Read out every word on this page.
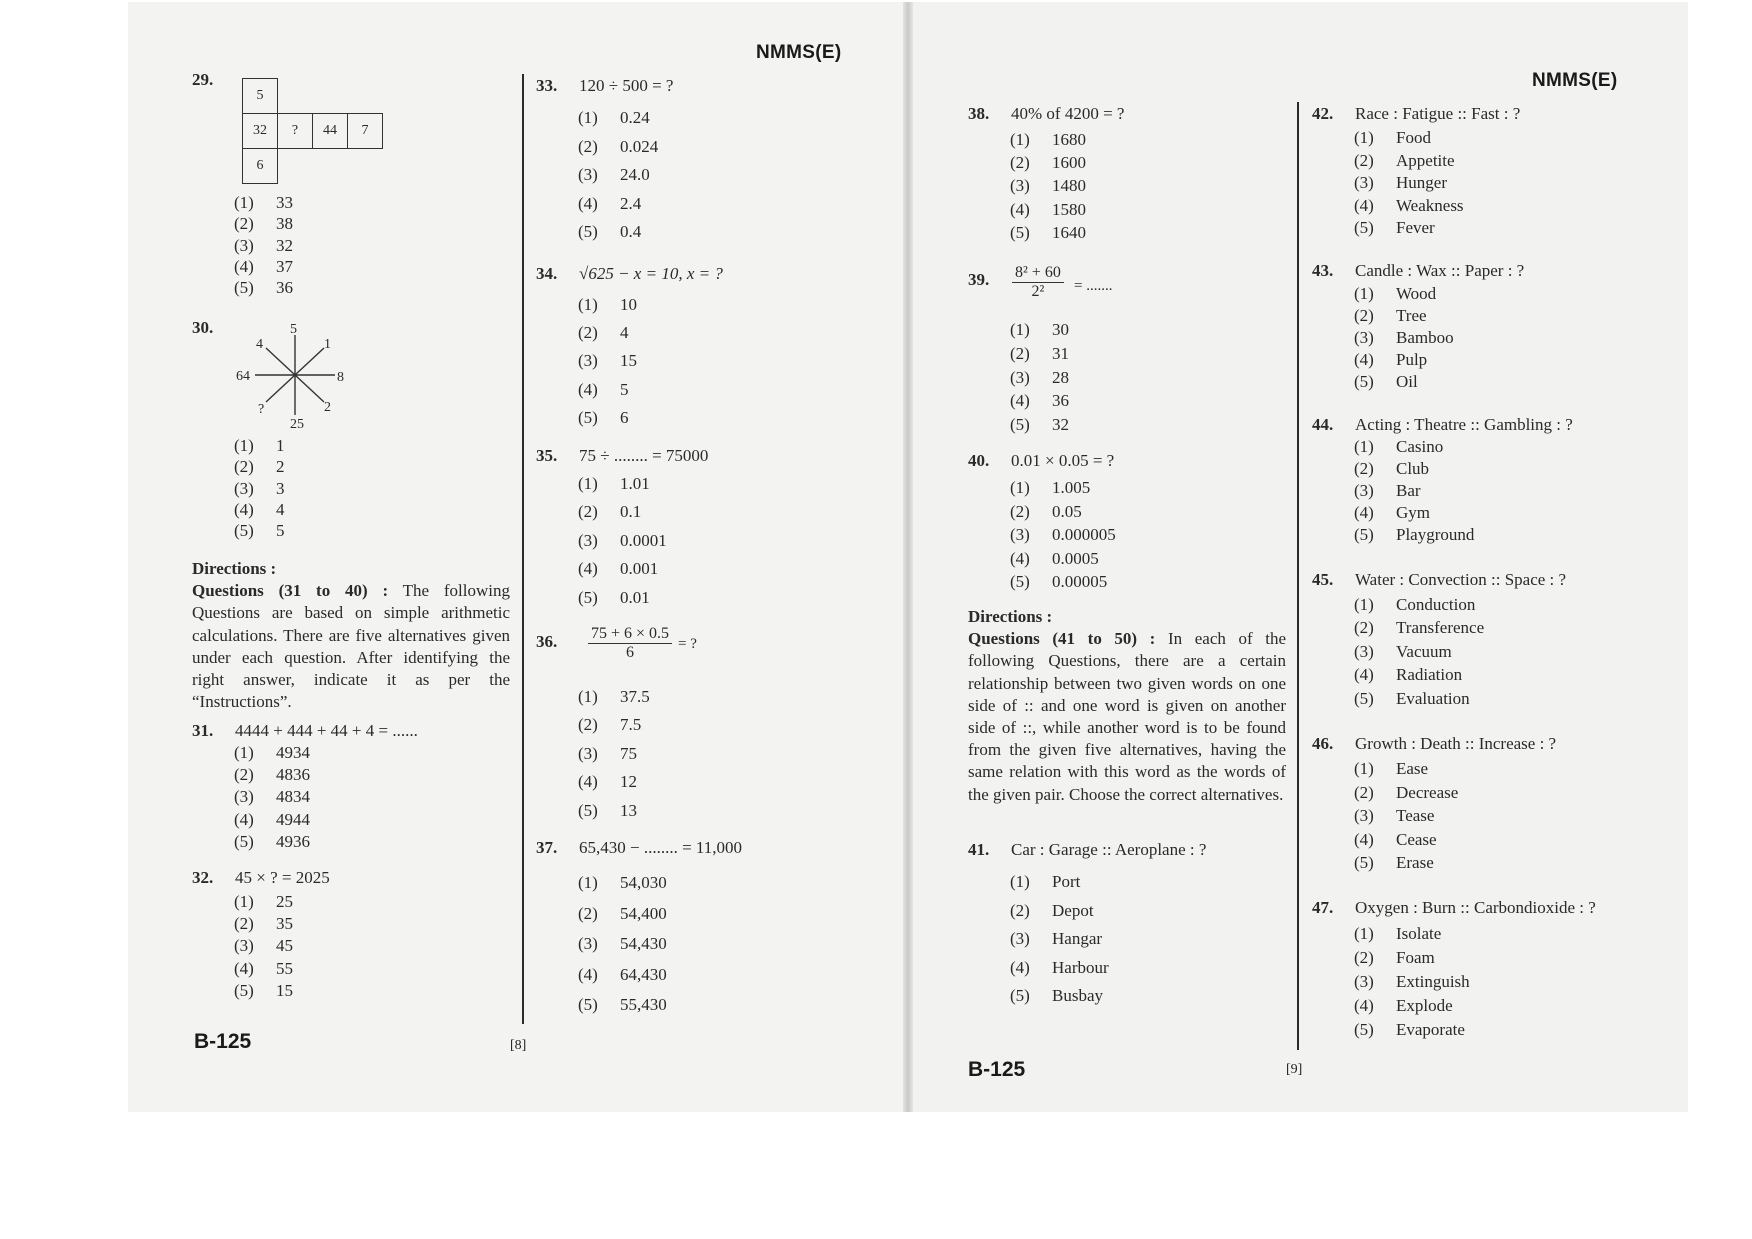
NMMS(E)
NMMS(E)
29.
5
32	?	44	7
6
(1)	33
(2)	38
(3)	32
(4)	37
(5)	36
30.	5
4	1
64	8
?	2
25
(1)	1
(2)	2
(3)	3
(4)	4
(5)	5
Directions :
Questions (31 to 40) : The following Questions are based on simple arithmetic calculations. There are five alternatives given under each question. After identifying the right answer, indicate it as per the “Instructions”.
31. 4444 + 444 + 44 + 4 = ......
(1)	4934
(2)	4836
(3)	4834
(4)	4944
(5)	4936
32. 45 × ? = 2025
(1)	25
(2)	35
(3)	45
(4)	55
(5)	15
B-125	[8]
33. 120 ÷ 500 = ?
(1)	0.24
(2)	0.024
(3)	24.0
(4)	2.4
(5)	0.4
34. √625 − x = 10, x = ?
(1)	10
(2)	4
(3)	15
(4)	5
(5)	6
35. 75 ÷ ........ = 75000
(1)	1.01
(2)	0.1
(3)	0.0001
(4)	0.001
(5)	0.01
36. $\frac{75 + 6 \times 0.5}{6}$ = ?
(1)	37.5
(2)	7.5
(3)	75
(4)	12
(5)	13
37. 65,430 − ........ = 11,000
(1)	54,030
(2)	54,400
(3)	54,430
(4)	64,430
(5)	55,430
38. 40% of 4200 = ?
(1)	1680
(2)	1600
(3)	1480
(4)	1580
(5)	1640
39. $\frac{\text{8² + 60}}{\text{2²}}$ = .......
(1)	30
(2)	31
(3)	28
(4)	36
(5)	32
40. 0.01 × 0.05 = ?
(1)	1.005
(2)	0.05
(3)	0.000005
(4)	0.0005
(5)	0.00005
Directions :
Questions (41 to 50) : In each of the following Questions, there are a certain relationship between two given words on one side of :: and one word is given on another side of ::, while another word is to be found from the given five alternatives, having the same relation with this word as the words of the given pair. Choose the correct alternatives.
41. Car : Garage :: Aeroplane : ?
(1)	Port
(2)	Depot
(3)	Hangar
(4)	Harbour
(5)	Busbay
B-125	[9]
42. Race : Fatigue :: Fast : ?
(1)	Food
(2)	Appetite
(3)	Hunger
(4)	Weakness
(5)	Fever
43. Candle : Wax :: Paper : ?
(1)	Wood
(2)	Tree
(3)	Bamboo
(4)	Pulp
(5)	Oil
44. Acting : Theatre :: Gambling : ?
(1)	Casino
(2)	Club
(3)	Bar
(4)	Gym
(5)	Playground
45. Water : Convection :: Space : ?
(1)	Conduction
(2)	Transference
(3)	Vacuum
(4)	Radiation
(5)	Evaluation
46. Growth : Death :: Increase : ?
(1)	Ease
(2)	Decrease
(3)	Tease
(4)	Cease
(5)	Erase
47. Oxygen : Burn :: Carbondioxide : ?
(1)	Isolate
(2)	Foam
(3)	Extinguish
(4)	Explode
(5)	Evaporate
